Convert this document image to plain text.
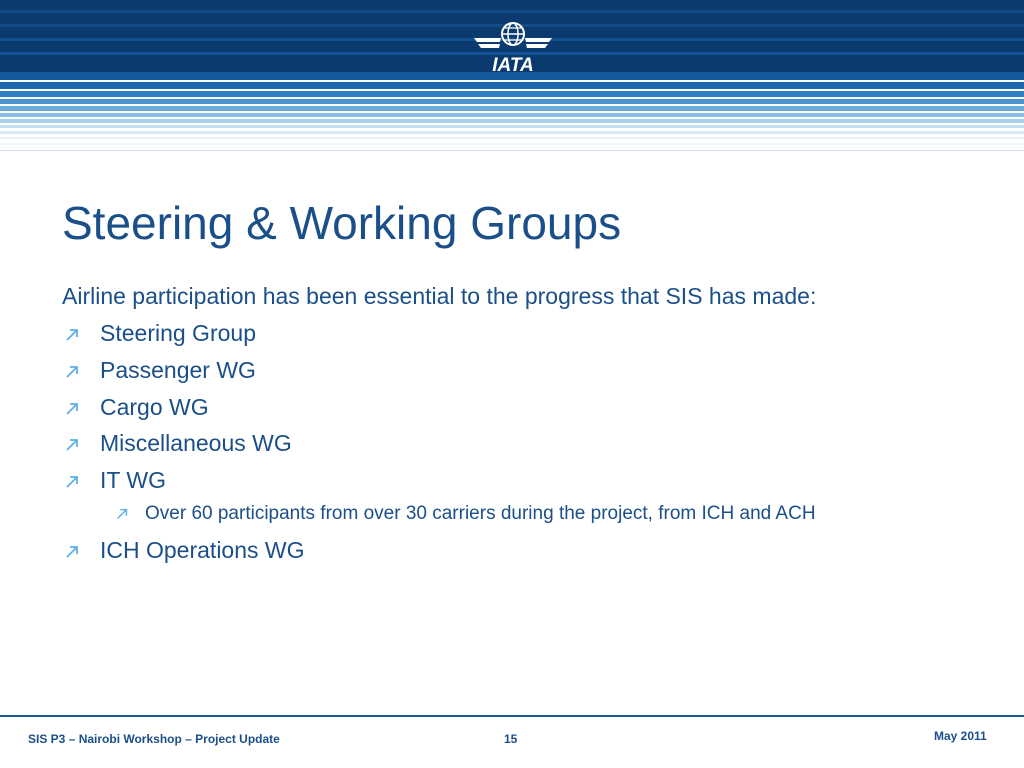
IATA
Steering & Working Groups

Airline participation has been essential to the progress that SIS has made:

Steering Group
Passenger WG
Cargo WG
Miscellaneous WG
IT WG
Over 60 participants from over 30 carriers during the project, from ICH and ACH
ICH Operations WG
SIS P3 – Nairobi Workshop – Project Update	15	May 2011
